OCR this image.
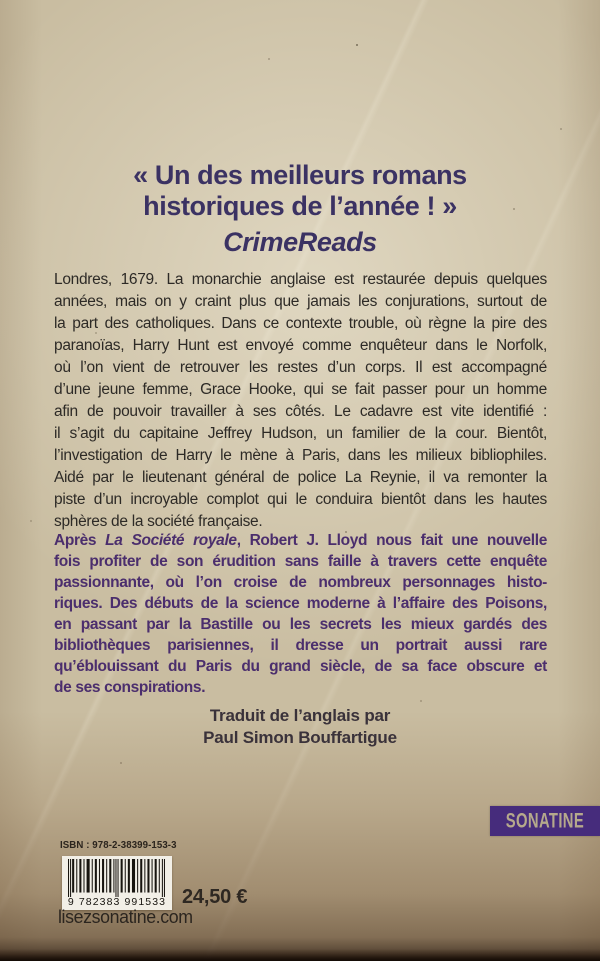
« Un des meilleurs romans
historiques de l’année ! »
CrimeReads
Londres, 1679. La monarchie anglaise est restaurée depuis quelques
années, mais on y craint plus que jamais les conjurations, surtout de
la part des catholiques. Dans ce contexte trouble, où règne la pire des
paranoïas, Harry Hunt est envoyé comme enquêteur dans le Norfolk,
où l’on vient de retrouver les restes d’un corps. Il est accompagné
d’une jeune femme, Grace Hooke, qui se fait passer pour un homme
afin de pouvoir travailler à ses côtés. Le cadavre est vite identifié :
il s’agit du capitaine Jeffrey Hudson, un familier de la cour. Bientôt,
l’investigation de Harry le mène à Paris, dans les milieux bibliophiles.
Aidé par le lieutenant général de police La Reynie, il va remonter la
piste d’un incroyable complot qui le conduira bientôt dans les hautes
sphères de la société française.
Après La Société royale, Robert J. Lloyd nous fait une nouvelle
fois profiter de son érudition sans faille à travers cette enquête
passionnante, où l’on croise de nombreux personnages histo-
riques. Des débuts de la science moderne à l’affaire des Poisons,
en passant par la Bastille ou les secrets les mieux gardés des
bibliothèques parisiennes, il dresse un portrait aussi rare
qu’éblouissant du Paris du grand siècle, de sa face obscure et
de ses conspirations.
Traduit de l’anglais par
Paul Simon Bouffartigue
SONATINE
ISBN : 978-2-38399-153-3
9 782383 991533 24,50 €
lisezsonatine.com
